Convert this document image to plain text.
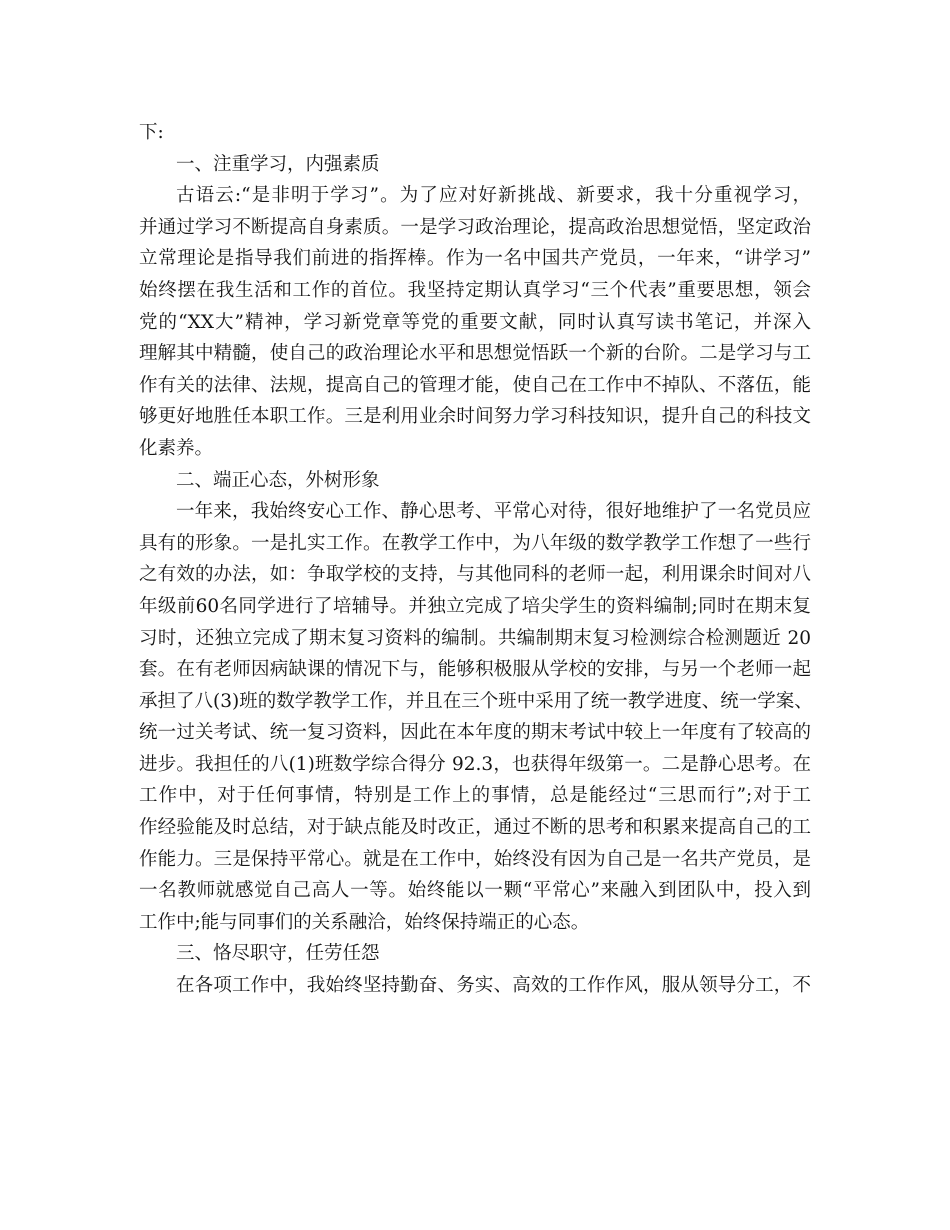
下:
一、注重学习，内强素质
古语云:“是非明于学习”。为了应对好新挑战、新要求，我十分重视学习，
并通过学习不断提高自身素质。一是学习政治理论，提高政治思想觉悟，坚定政治
立常理论是指导我们前进的指挥棒。作为一名中国共产党员，一年来，“讲学习”
始终摆在我生活和工作的首位。我坚持定期认真学习“三个代表”重要思想，领会
党的“XX大”精神，学习新党章等党的重要文献，同时认真写读书笔记，并深入
理解其中精髓，使自己的政治理论水平和思想觉悟跃一个新的台阶。二是学习与工
作有关的法律、法规，提高自己的管理才能，使自己在工作中不掉队、不落伍，能
够更好地胜任本职工作。三是利用业余时间努力学习科技知识，提升自己的科技文
化素养。
二、端正心态，外树形象
一年来，我始终安心工作、静心思考、平常心对待，很好地维护了一名党员应
具有的形象。一是扎实工作。在教学工作中，为八年级的数学教学工作想了一些行
之有效的办法，如：争取学校的支持，与其他同科的老师一起，利用课余时间对八
年级前60名同学进行了培辅导。并独立完成了培尖学生的资料编制;同时在期末复
习时，还独立完成了期末复习资料的编制。共编制期末复习检测综合检测题近 20
套。在有老师因病缺课的情况下与，能够积极服从学校的安排，与另一个老师一起
承担了八(3)班的数学教学工作，并且在三个班中采用了统一教学进度、统一学案、
统一过关考试、统一复习资料，因此在本年度的期末考试中较上一年度有了较高的
进步。我担任的八(1)班数学综合得分 92.3，也获得年级第一。二是静心思考。在
工作中，对于任何事情，特别是工作上的事情，总是能经过“三思而行”;对于工
作经验能及时总结，对于缺点能及时改正，通过不断的思考和积累来提高自己的工
作能力。三是保持平常心。就是在工作中，始终没有因为自己是一名共产党员，是
一名教师就感觉自己高人一等。始终能以一颗“平常心”来融入到团队中，投入到
工作中;能与同事们的关系融洽，始终保持端正的心态。
三、恪尽职守，任劳任怨
在各项工作中，我始终坚持勤奋、务实、高效的工作作风，服从领导分工，不
